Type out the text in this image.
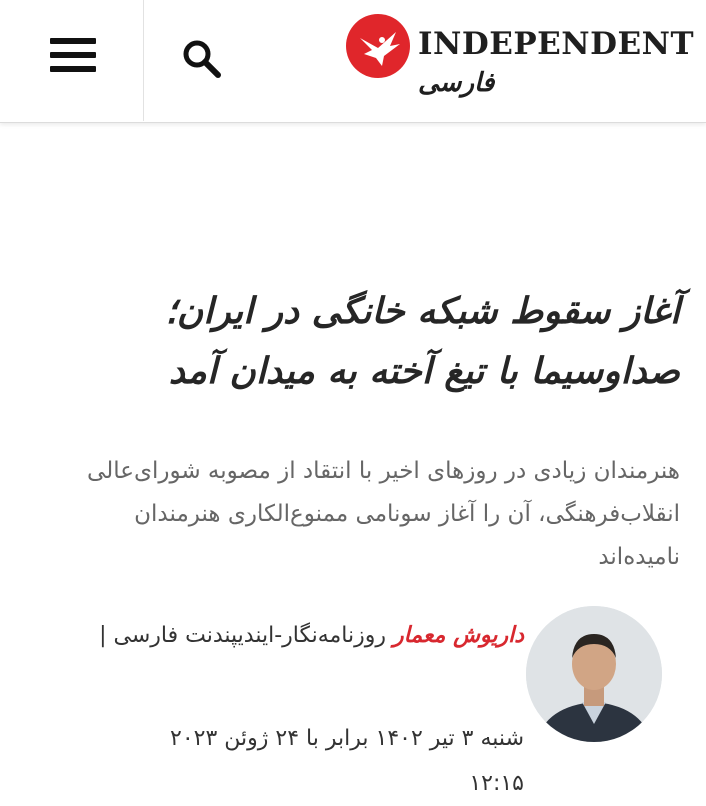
INDEPENDENT
فارسی
آغاز سقوط شبکه خانگی در ایران؛
صداوسیما با تیغ آخته به میدان آمد

هنرمندان زیادی در روزهای اخیر با انتقاد از مصوبه شورای‌عالی انقلاب‌فرهنگی، آن را آغاز سونامی ممنوع‌الکاری هنرمندان نامیده‌اند

داریوش معمار روزنامه‌نگار-ایندیپندنت فارسی |
شنبه ۳ تیر ۱۴۰۲ برابر با ۲۴ ژوئن ۲۰۲۳
۱۲:۱۵
